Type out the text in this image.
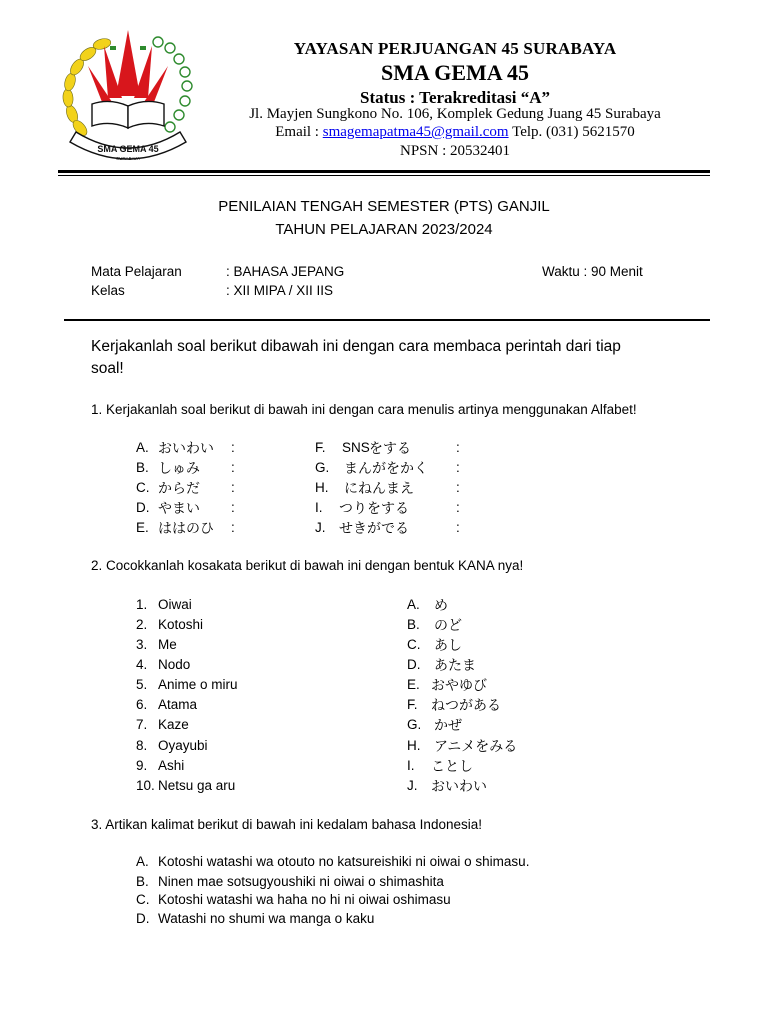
SMA GEMA 45
SURABAYA
YAYASAN PERJUANGAN 45 SURABAYA
SMA GEMA 45
Status : Terakreditasi “A”
Jl. Mayjen Sungkono No. 106, Komplek Gedung Juang 45 Surabaya
Email : smagemapatma45@gmail.com Telp. (031) 5621570
NPSN : 20532401
PENILAIAN TENGAH SEMESTER (PTS) GANJIL
TAHUN PELAJARAN 2023/2024
Mata Pelajaran	: BAHASA JEPANG	Waktu : 90 Menit
Kelas	: XII MIPA / XII IIS
Kerjakanlah soal berikut dibawah ini dengan cara membaca perintah dari tiap
soal!
1. Kerjakanlah soal berikut di bawah ini dengan cara menulis artinya menggunakan Alfabet!
A. おいわい :
B. しゅみ :
C. からだ :
D. やまい :
E. ははのひ :
F. SNS をする	:
G. まんがをかく :
H. にねんまえ	:
I. つりをする	:
J. せきがでる	:
2. Cocokkanlah kosakata berikut di bawah ini dengan bentuk KANA nya!
1. Oiwai
2. Kotoshi
3. Me
4. Nodo
5. Anime o miru
6. Atama
7. Kaze
8. Oyayubi
9. Ashi
10. Netsu ga aru
A. め
B. のど
C. あし
D. あたま
E. おやゆび
F. ねつがある
G. かぜ
H. アニメをみる
I. ことし
J. おいわい
3. Artikan kalimat berikut di bawah ini kedalam bahasa Indonesia!
A. Kotoshi watashi wa otouto no katsureishiki ni oiwai o shimasu.
B. Ninen mae sotsugyoushiki ni oiwai o shimashita
C. Kotoshi watashi wa haha no hi ni oiwai oshimasu
D. Watashi no shumi wa manga o kaku
